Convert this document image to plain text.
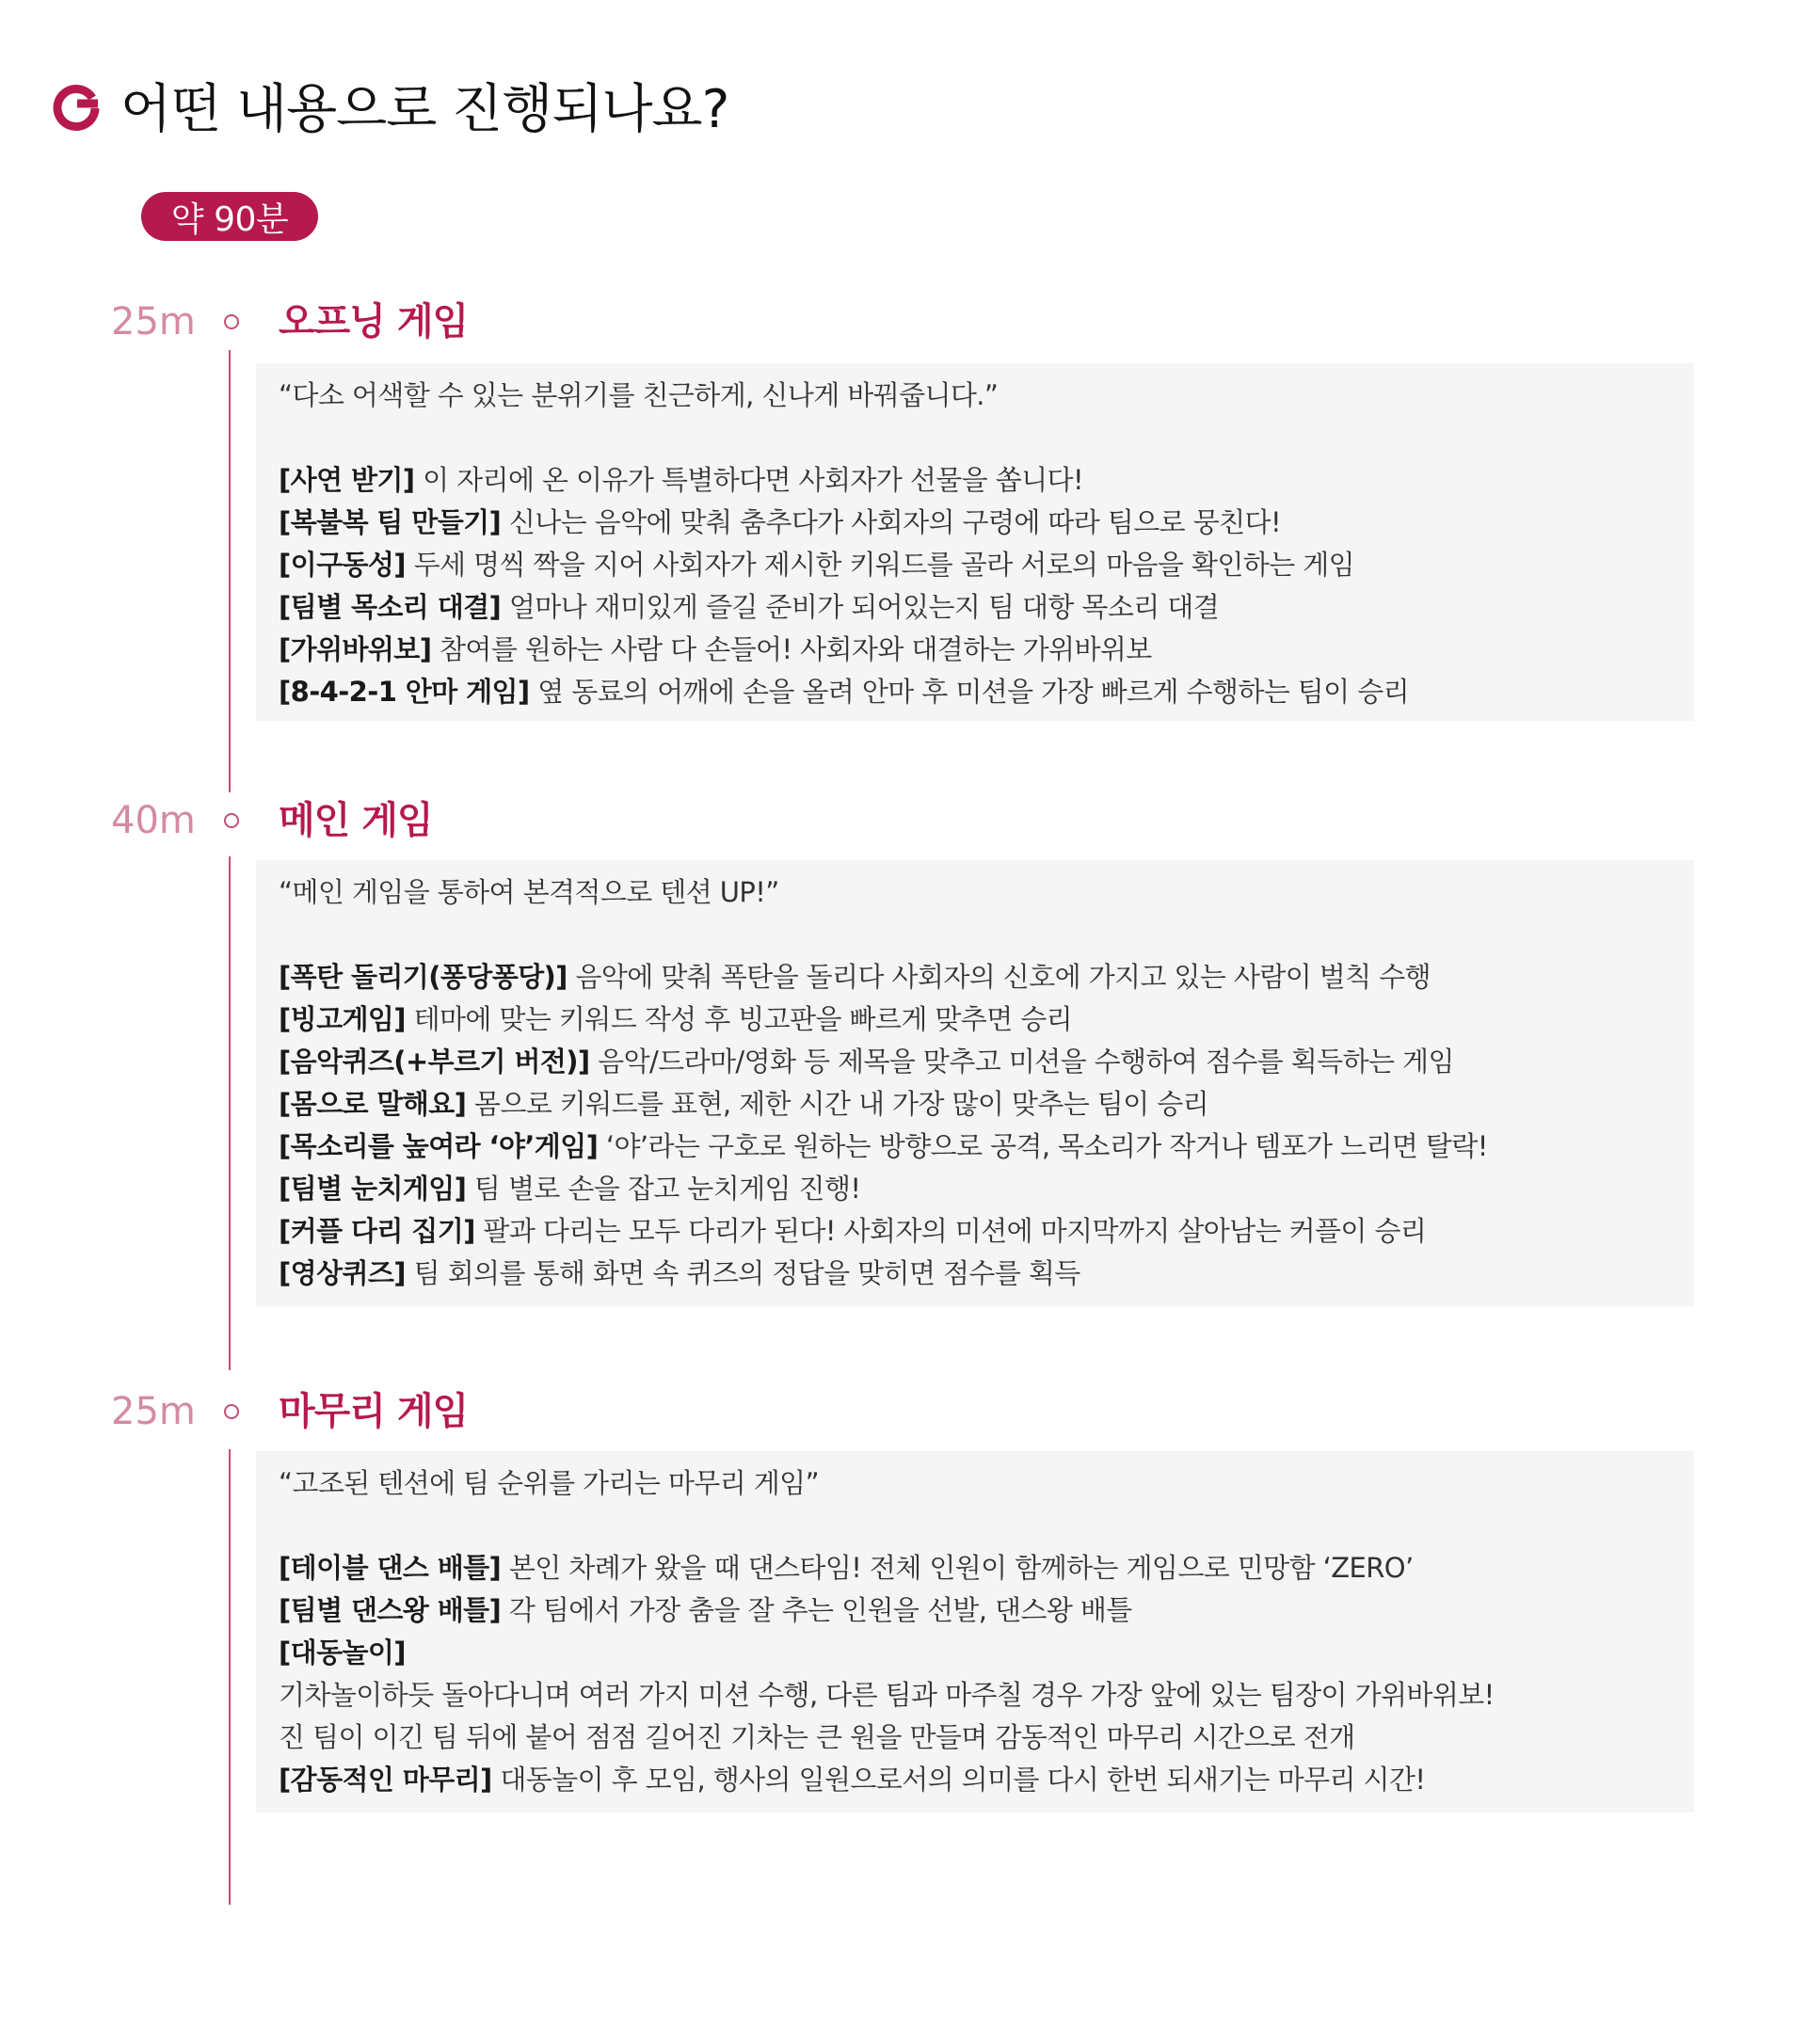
어떤 내용으로 진행되나요?
약 90분
25m 오프닝 게임
“다소 어색할 수 있는 분위기를 친근하게, 신나게 바꿔줍니다.”
[사연 받기] 이 자리에 온 이유가 특별하다면 사회자가 선물을 쏩니다!
[복불복 팀 만들기] 신나는 음악에 맞춰 춤추다가 사회자의 구령에 따라 팀으로 뭉친다!
[이구동성] 두세 명씩 짝을 지어 사회자가 제시한 키워드를 골라 서로의 마음을 확인하는 게임
[팀별 목소리 대결] 얼마나 재미있게 즐길 준비가 되어있는지 팀 대항 목소리 대결
[가위바위보] 참여를 원하는 사람 다 손들어! 사회자와 대결하는 가위바위보
[8-4-2-1 안마 게임] 옆 동료의 어깨에 손을 올려 안마 후 미션을 가장 빠르게 수행하는 팀이 승리
40m 메인 게임
“메인 게임을 통하여 본격적으로 텐션 UP!”
[폭탄 돌리기(퐁당퐁당)] 음악에 맞춰 폭탄을 돌리다 사회자의 신호에 가지고 있는 사람이 벌칙 수행
[빙고게임] 테마에 맞는 키워드 작성 후 빙고판을 빠르게 맞추면 승리
[음악퀴즈(+부르기 버전)] 음악/드라마/영화 등 제목을 맞추고 미션을 수행하여 점수를 획득하는 게임
[몸으로 말해요] 몸으로 키워드를 표현, 제한 시간 내 가장 많이 맞추는 팀이 승리
[목소리를 높여라 ‘야’게임] ‘야’라는 구호로 원하는 방향으로 공격, 목소리가 작거나 템포가 느리면 탈락!
[팀별 눈치게임] 팀 별로 손을 잡고 눈치게임 진행!
[커플 다리 집기] 팔과 다리는 모두 다리가 된다! 사회자의 미션에 마지막까지 살아남는 커플이 승리
[영상퀴즈] 팀 회의를 통해 화면 속 퀴즈의 정답을 맞히면 점수를 획득
25m 마무리 게임
“고조된 텐션에 팀 순위를 가리는 마무리 게임”
[테이블 댄스 배틀] 본인 차례가 왔을 때 댄스타임! 전체 인원이 함께하는 게임으로 민망함 ‘ZERO’
[팀별 댄스왕 배틀] 각 팀에서 가장 춤을 잘 추는 인원을 선발, 댄스왕 배틀
[대동놀이]
기차놀이하듯 돌아다니며 여러 가지 미션 수행, 다른 팀과 마주칠 경우 가장 앞에 있는 팀장이 가위바위보!
진 팀이 이긴 팀 뒤에 붙어 점점 길어진 기차는 큰 원을 만들며 감동적인 마무리 시간으로 전개
[감동적인 마무리] 대동놀이 후 모임, 행사의 일원으로서의 의미를 다시 한번 되새기는 마무리 시간!
